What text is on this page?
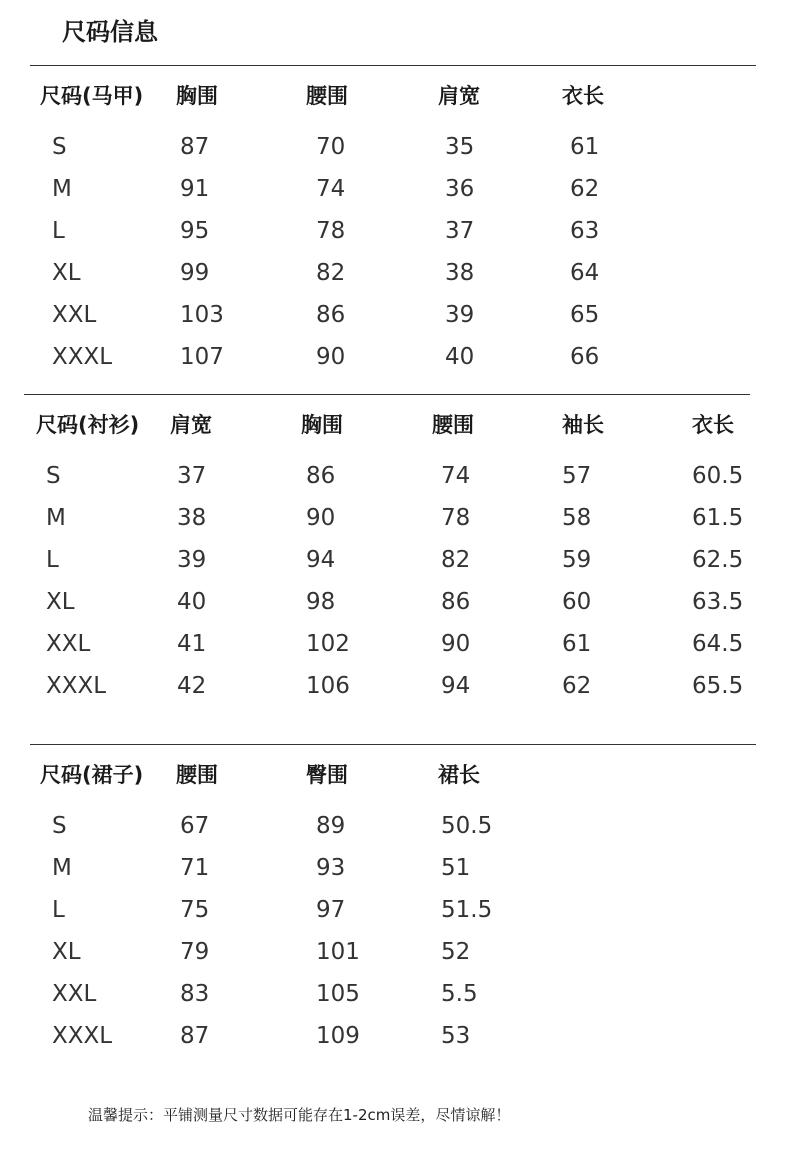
尺码信息
尺码(马甲) 胸围	腰围	肩宽	衣长
S	87	70	35	61
M	91	74	36	62
L	95	78	37	63
XL	99	82	38	64
XXL	103	86	39	65
XXXL	107	90	40	66
尺码(衬衫) 肩宽	胸围	腰围	袖长	衣长
S	37	86	74	57	60.5
M	38	90	78	58	61.5
L	39	94	82	59	62.5
XL	40	98	86	60	63.5
XXL	41	102	90	61	64.5
XXXL	42	106	94	62	65.5
尺码(裙子) 腰围	臀围	裙长
S	67	89	50.5
M	71	93	51
L	75	97	51.5
XL	79	101	52
XXL	83	105	5.5
XXXL	87	109	53
温馨提示：平铺测量尺寸数据可能存在1-2cm误差，尽情谅解！
